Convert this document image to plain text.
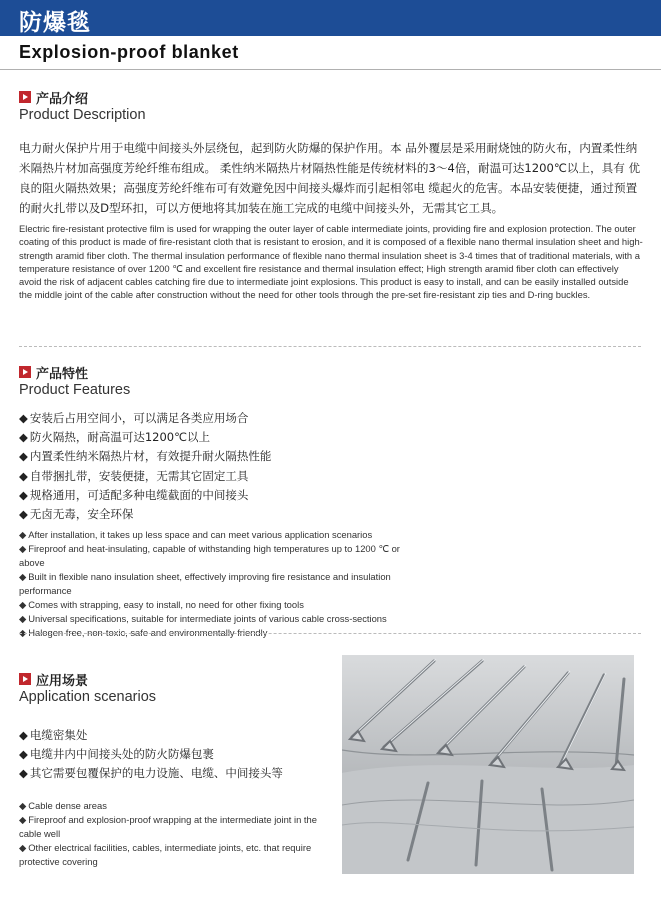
防爆毯
Explosion-proof blanket
产品介绍
Product Description

电力耐火保护片用于电缆中间接头外层绕包，起到防火防爆的保护作用。本 品外覆层是采用耐烧蚀的防火布，内置柔性纳米隔热片材加高强度芳纶纤维布组成。 柔性纳米隔热片材隔热性能是传统材料的3～4倍，耐温可达1200℃以上，具有 优良的阻火隔热效果；高强度芳纶纤维布可有效避免因中间接头爆炸而引起相邻电 缆起火的危害。本品安装便捷，通过预置的耐火扎带以及D型环扣，可以方便地将其加装在施工完成的电缆中间接头外，无需其它工具。

Electric fire-resistant protective film is used for wrapping the outer layer of cable intermediate joints, providing fire and explosion protection. The outer coating of this product is made of fire-resistant cloth that is resistant to erosion, and it is composed of a flexible nano thermal insulation sheet and high-strength aramid fiber cloth. The thermal insulation performance of flexible nano thermal insulation sheet is 3-4 times that of traditional materials, with a temperature resistance of over 1200 ℃ and excellent fire resistance and thermal insulation effect; High strength aramid fiber cloth can effectively avoid the risk of adjacent cables catching fire due to intermediate joint explosions. This product is easy to install, and can be easily installed outside the middle joint of the cable after construction without the need for other tools through the pre-set fire-resistant zip ties and D-ring buckles.

产品特性
Product Features
◆ 安装后占用空间小，可以满足各类应用场合
◆ 防火隔热，耐高温可达1200℃以上
◆ 内置柔性纳米隔热片材，有效提升耐火隔热性能
◆ 自带捆扎带，安装便捷，无需其它固定工具
◆ 规格通用，可适配多种电缆截面的中间接头
◆ 无卤无毒，安全环保
◆ After installation, it takes up less space and can meet various application scenarios
◆ Fireproof and heat-insulating, capable of withstanding high temperatures up to 1200 ℃ or above
◆ Built in flexible nano insulation sheet, effectively improving fire resistance and insulation performance
◆ Comes with strapping, easy to install, no need for other fixing tools
◆ Universal specifications, suitable for intermediate joints of various cable cross-sections ◆ Halogen free, non-toxic, safe and environmentally friendly
应用场景
Application scenarios
◆ 电缆密集处
◆ 电缆井内中间接头处的防火防爆包裹
◆ 其它需要包覆保护的电力设施、电缆、中间接头等
◆ Cable dense areas
◆ Fireproof and explosion-proof wrapping at the intermediate joint in the cable well
◆ Other electrical facilities, cables, intermediate joints, etc. that require protective covering
